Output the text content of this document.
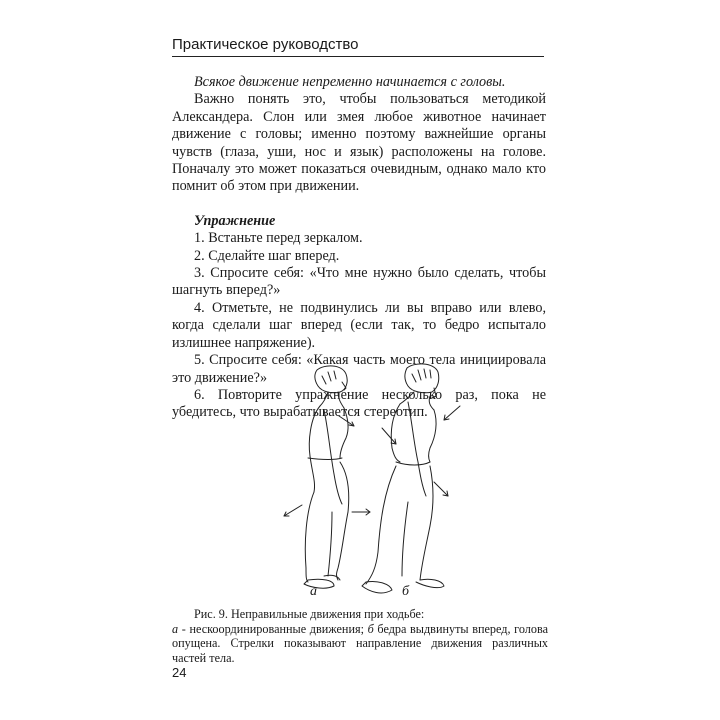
Практическое руководство

Всякое движение непременно начинается с головы.

Важно понять это, чтобы пользоваться методикой Александера. Слон или змея любое животное начинает движение с головы; именно поэтому важнейшие органы чувств (глаза, уши, нос и язык) расположены на голове. Поначалу это может показаться очевидным, однако мало кто помнит об этом при движении.

Упражнение

1. Встаньте перед зеркалом.

2. Сделайте шаг вперед.

3. Спросите себя: «Что мне нужно было сделать, чтобы шагнуть вперед?»

4. Отметьте, не подвинулись ли вы вправо или влево, когда сделали шаг вперед (если так, то бедро испытало излишнее напряжение).

5. Спросите себя: «Какая часть моего тела инициировала это движение?»

6. Повторите упражнение несколько раз, пока не убедитесь, что вырабатывается стереотип.

а	б

Рис. 9. Неправильные движения при ходьбе:

а - нескоординированные движения; б бедра выдвинуты вперед, голова опущена. Стрелки показывают направление движения различных частей тела.

24
